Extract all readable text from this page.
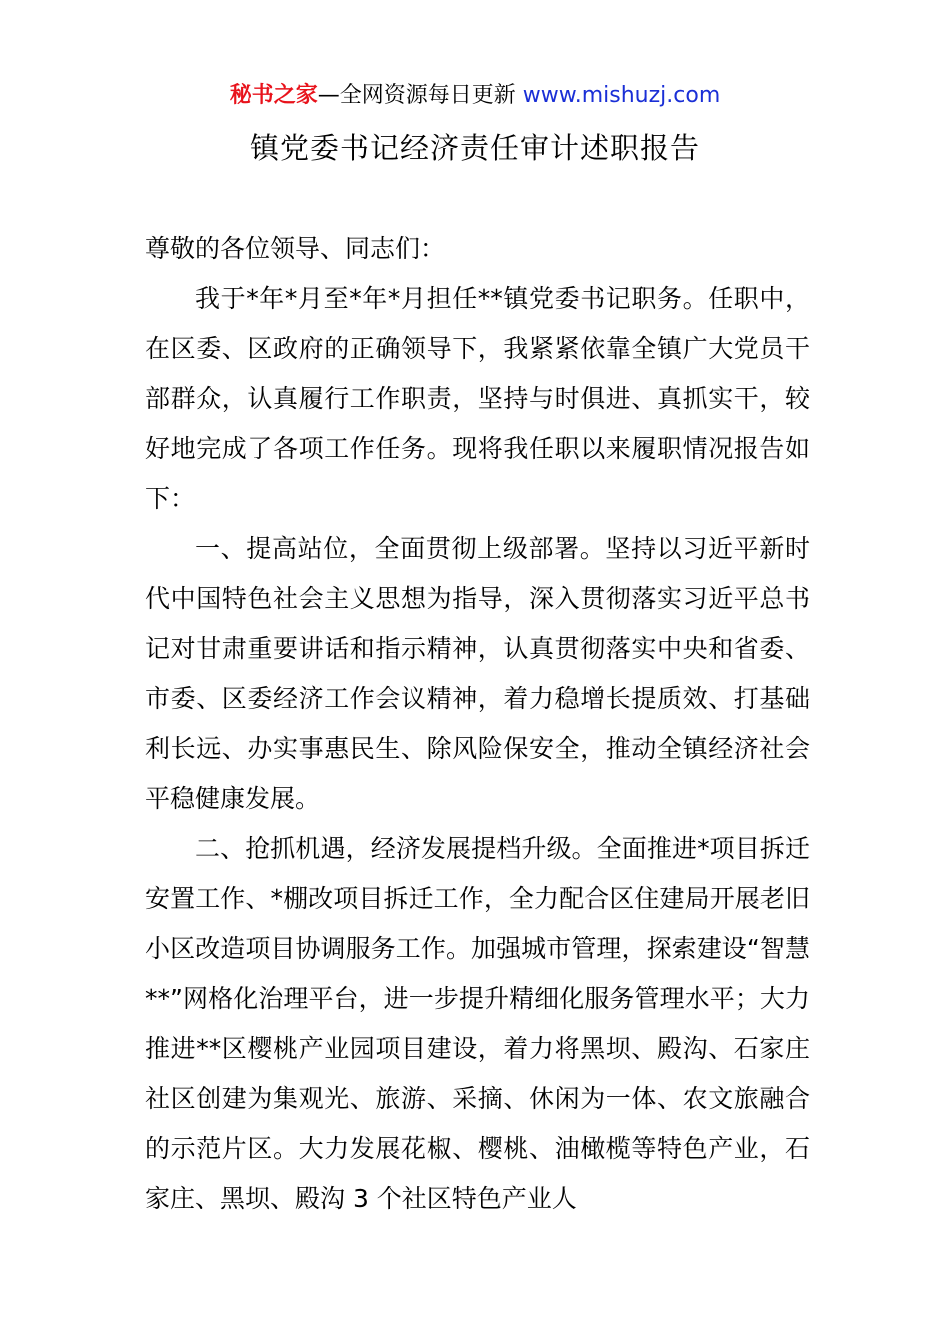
秘书之家—全网资源每日更新 www.mishuzj.com
镇党委书记经济责任审计述职报告

尊敬的各位领导、同志们：

我于*年*月至*年*月担任**镇党委书记职务。任职中，在区委、区政府的正确领导下，我紧紧依靠全镇广大党员干部群众，认真履行工作职责，坚持与时俱进、真抓实干，较好地完成了各项工作任务。现将我任职以来履职情况报告如下：

一、提高站位，全面贯彻上级部署。坚持以习近平新时代中国特色社会主义思想为指导，深入贯彻落实习近平总书记对甘肃重要讲话和指示精神，认真贯彻落实中央和省委、市委、区委经济工作会议精神，着力稳增长提质效、打基础利长远、办实事惠民生、除风险保安全，推动全镇经济社会平稳健康发展。

二、抢抓机遇，经济发展提档升级。全面推进*项目拆迁安置工作、*棚改项目拆迁工作，全力配合区住建局开展老旧小区改造项目协调服务工作。加强城市管理，探索建设“智慧**”网格化治理平台，进一步提升精细化服务管理水平；大力推进**区樱桃产业园项目建设，着力将黑坝、殿沟、石家庄社区创建为集观光、旅游、采摘、休闲为一体、农文旅融合的示范片区。大力发展花椒、樱桃、油橄榄等特色产业，石家庄、黑坝、殿沟 3 个社区特色产业人
